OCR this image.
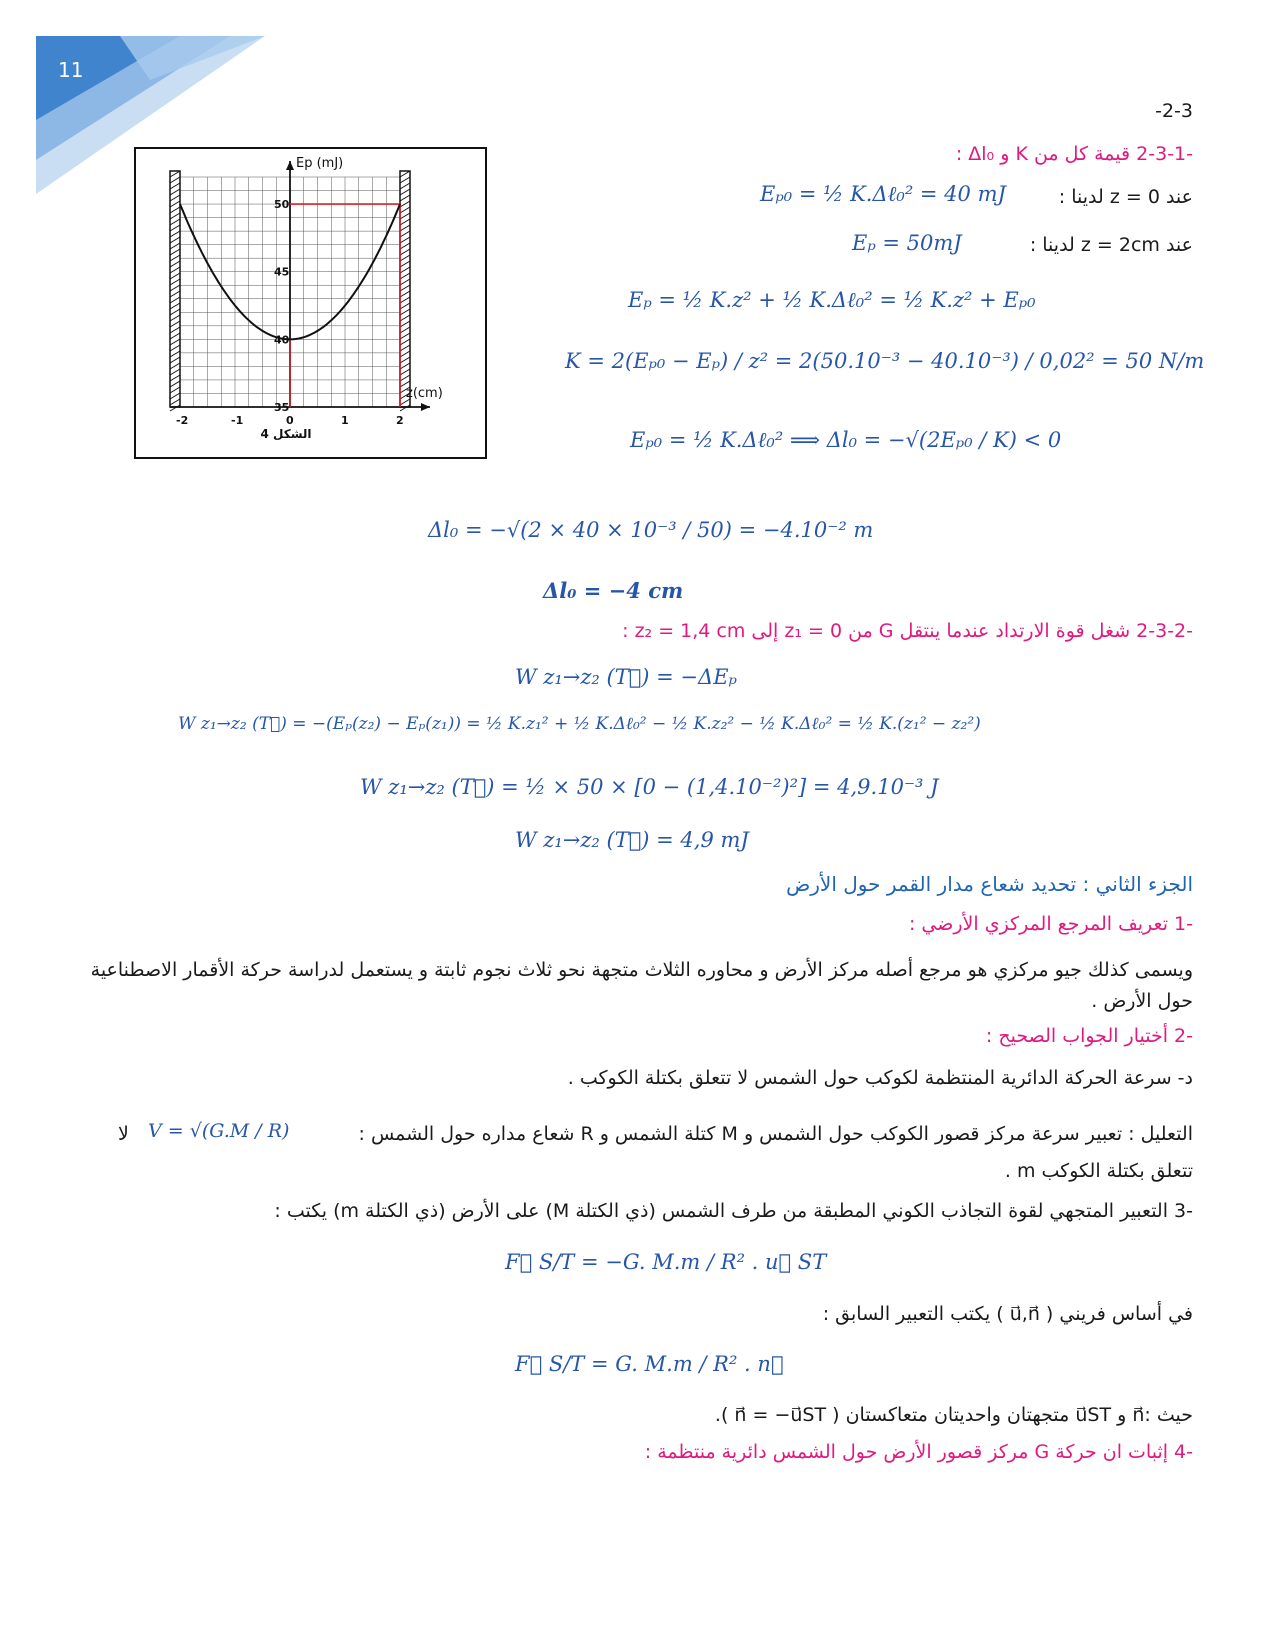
11
50
45
40
35
-2	-1	0	1	2
Ep (mJ)
z(cm)
الشكل 4
-2-3
-2-3-1 قيمة كل من K و Δl₀ :
عند z = 0 لدينا :
Eₚ₀ = ½ K.Δℓ₀² = 40 mJ
عند z = 2cm لدينا :
Eₚ = 50mJ
Eₚ = ½ K.z² + ½ K.Δℓ₀² = ½ K.z² + Eₚ₀
K = 2(Eₚ₀ − Eₚ) / z² = 2(50.10⁻³ − 40.10⁻³) / 0,02² = 50 N/m
Eₚ₀ = ½ K.Δℓ₀² ⟹ Δl₀ = −√(2Eₚ₀ / K) < 0
Δl₀ = −√(2 × 40 × 10⁻³ / 50) = −4.10⁻² m
Δl₀ = −4 cm
-2-3-2 شغل قوة الارتداد عندما ينتقل G من z₁ = 0 إلى z₂ = 1,4 cm :
W z₁→z₂ (T⃗) = −ΔEₚ
W z₁→z₂ (T⃗) = −(Eₚ(z₂) − Eₚ(z₁)) = ½ K.z₁² + ½ K.Δℓ₀² − ½ K.z₂² − ½ K.Δℓ₀² = ½ K.(z₁² − z₂²)
W z₁→z₂ (T⃗) = ½ × 50 × [0 − (1,4.10⁻²)²] = 4,9.10⁻³ J
W z₁→z₂ (T⃗) = 4,9 mJ
الجزء الثاني : تحديد شعاع مدار القمر حول الأرض
-1 تعريف المرجع المركزي الأرضي :
ويسمى كذلك جيو مركزي هو مرجع أصله مركز الأرض و محاوره الثلاث متجهة نحو ثلاث نجوم ثابتة و يستعمل لدراسة حركة الأقمار الاصطناعية حول الأرض .
-2 أختيار الجواب الصحيح :
د- سرعة الحركة الدائرية المنتظمة لكوكب حول الشمس لا تتعلق بكتلة الكوكب .
التعليل : تعبير سرعة مركز قصور الكوكب حول الشمس و M كتلة الشمس و R شعاع مداره حول الشمس :
V = √(G.M / R)
لا
تتعلق بكتلة الكوكب m .
-3 التعبير المتجهي لقوة التجاذب الكوني المطبقة من طرف الشمس (ذي الكتلة M) على الأرض (ذي الكتلة m) يكتب :
F⃗ S/T = −G. M.m / R² . u⃗ ST
في أساس فريني ( u⃗,n⃗ ) يكتب التعبير السابق :
F⃗ S/T = G. M.m / R² . n⃗
حيث :n⃗ و u⃗ST متجهتان واحديتان متعاكستان ( n⃗ = −u⃗ST ).
-4 إثبات ان حركة G مركز قصور الأرض حول الشمس دائرية منتظمة :
